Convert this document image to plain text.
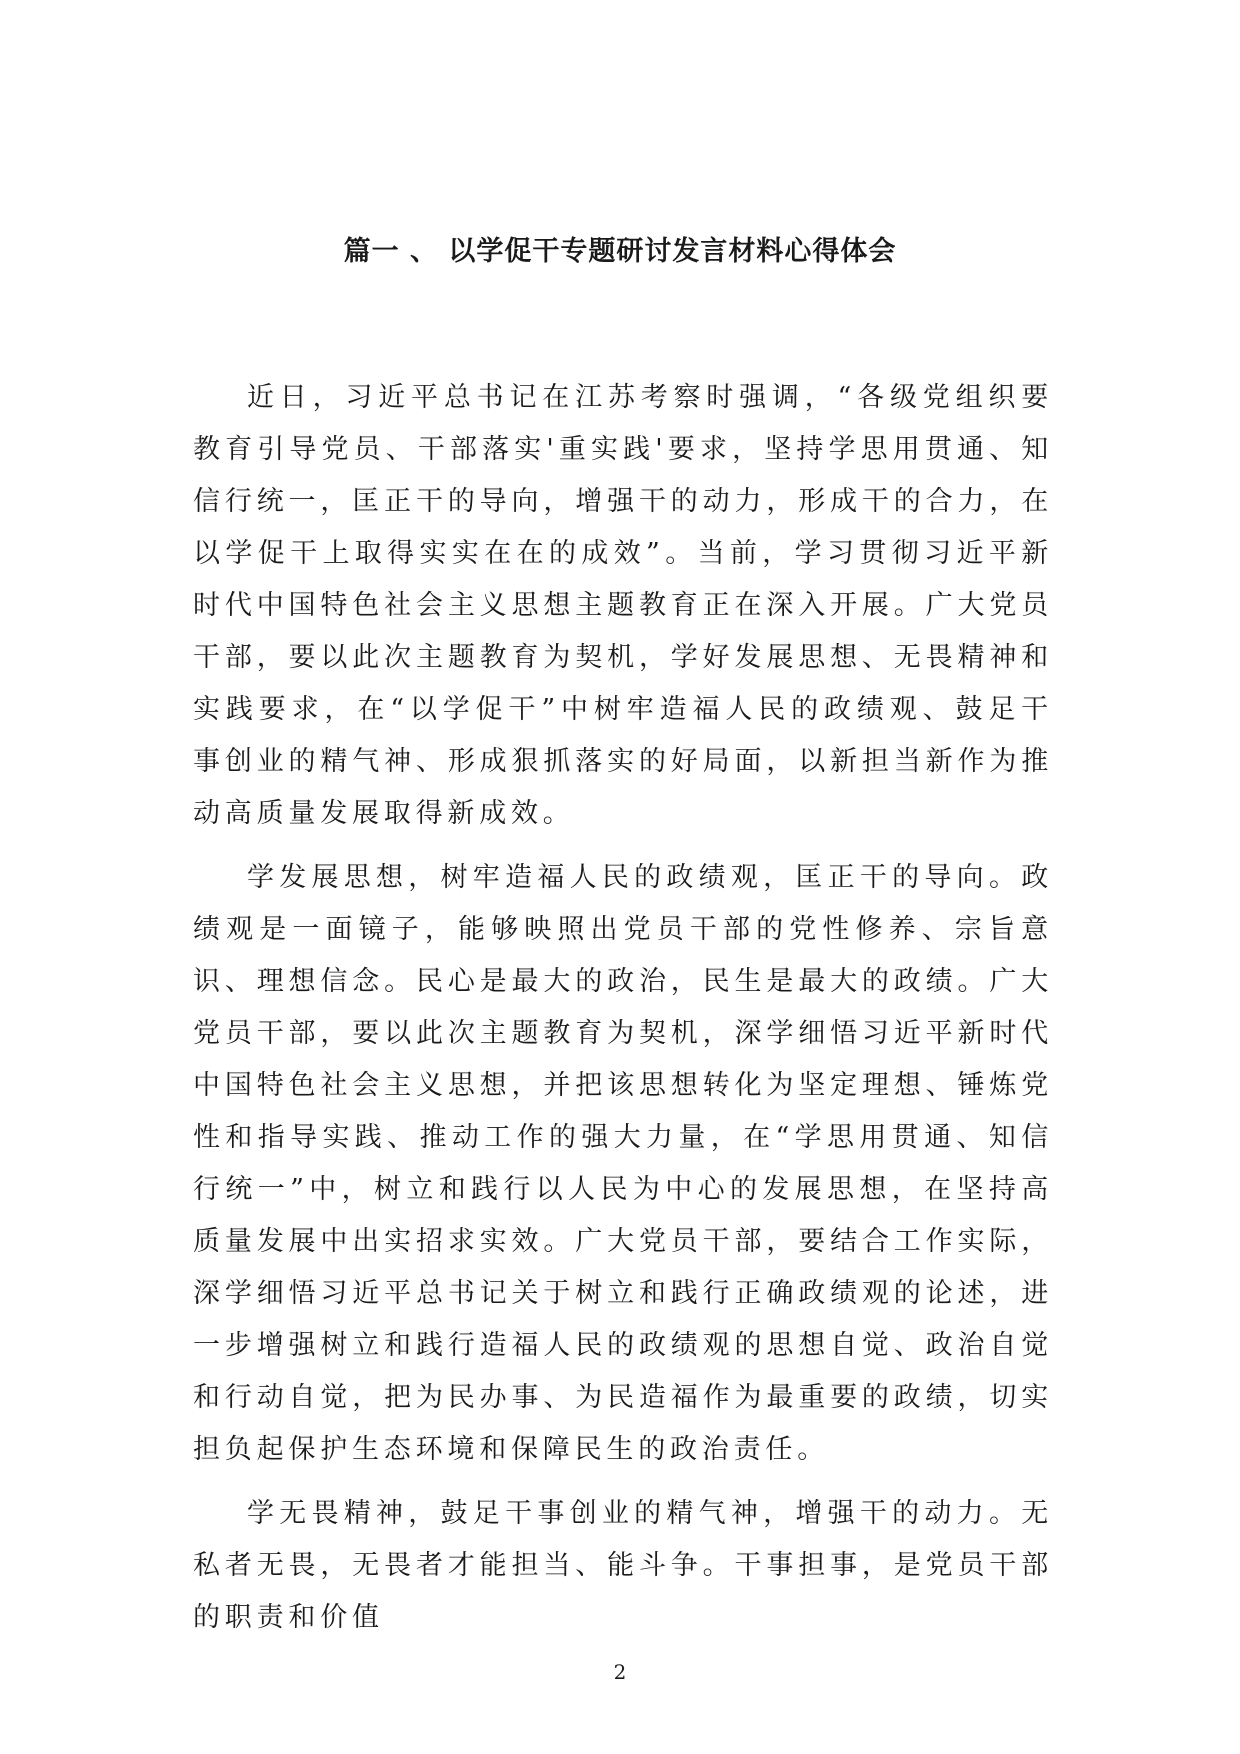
篇一 、 以学促干专题研讨发言材料心得体会

近日，习近平总书记在江苏考察时强调，“各级党组织要教育引导党员、干部落实'重实践'要求，坚持学思用贯通、知信行统一，匡正干的导向，增强干的动力，形成干的合力，在以学促干上取得实实在在的成效”。当前，学习贯彻习近平新时代中国特色社会主义思想主题教育正在深入开展。广大党员干部，要以此次主题教育为契机，学好发展思想、无畏精神和实践要求，在“以学促干”中树牢造福人民的政绩观、鼓足干事创业的精气神、形成狠抓落实的好局面，以新担当新作为推动高质量发展取得新成效。

学发展思想，树牢造福人民的政绩观，匡正干的导向。政绩观是一面镜子，能够映照出党员干部的党性修养、宗旨意识、理想信念。民心是最大的政治，民生是最大的政绩。广大党员干部，要以此次主题教育为契机，深学细悟习近平新时代中国特色社会主义思想，并把该思想转化为坚定理想、锤炼党性和指导实践、推动工作的强大力量，在“学思用贯通、知信行统一”中，树立和践行以人民为中心的发展思想，在坚持高质量发展中出实招求实效。广大党员干部，要结合工作实际，深学细悟习近平总书记关于树立和践行正确政绩观的论述，进一步增强树立和践行造福人民的政绩观的思想自觉、政治自觉和行动自觉，把为民办事、为民造福作为最重要的政绩，切实担负起保护生态环境和保障民生的政治责任。

学无畏精神，鼓足干事创业的精气神，增强干的动力。无私者无畏，无畏者才能担当、能斗争。干事担事，是党员干部的职责和价值

2
